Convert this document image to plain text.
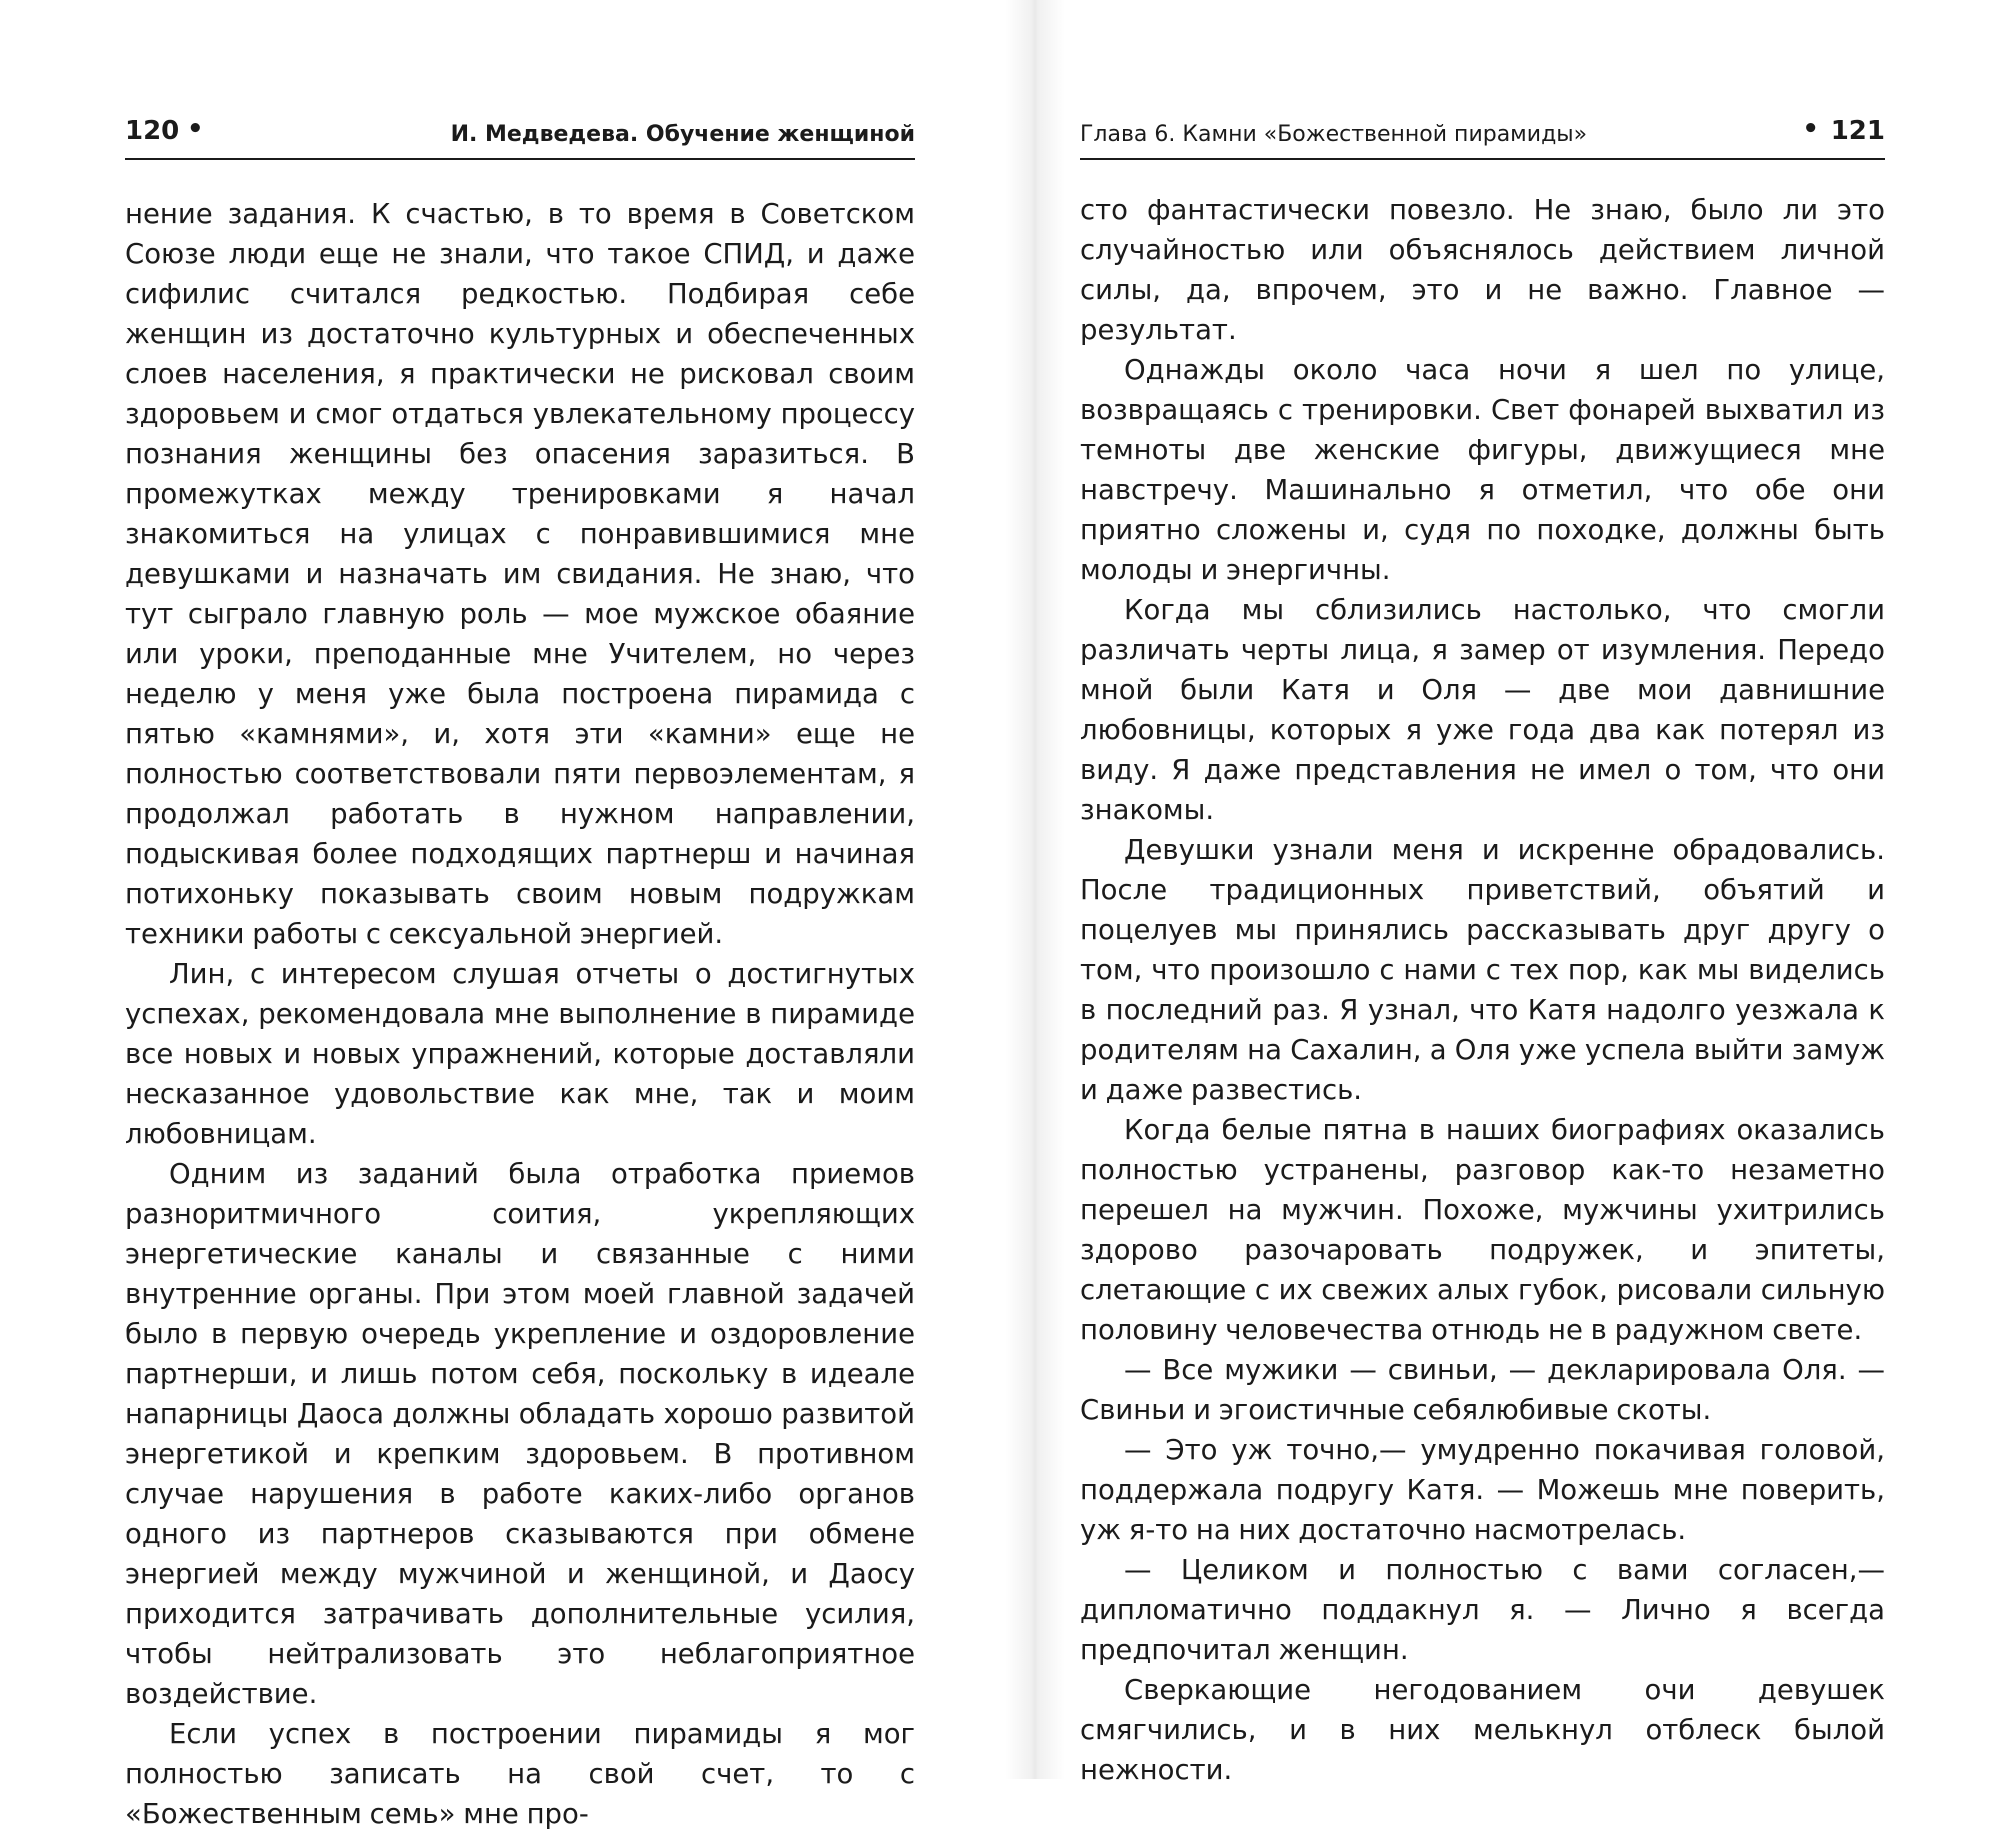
120 •	И. Медведева. Обучение женщиной

нение задания. К счастью, в то время в Советском Союзе люди еще не знали, что такое СПИД, и даже сифилис считался редкостью. Подбирая себе женщин из достаточно культурных и обеспеченных слоев населения, я практически не рисковал своим здоровьем и смог отдаться увлекательному процессу познания женщины без опасения заразиться. В промежутках между тренировками я начал знакомиться на улицах с понравившимися мне девушками и назначать им свидания. Не знаю, что тут сыграло главную роль — мое мужское обаяние или уроки, преподанные мне Учителем, но через неделю у меня уже была построена пирамида с пятью «камнями», и, хотя эти «камни» еще не полностью соответствовали пяти первоэлементам, я продолжал работать в нужном направлении, подыскивая более подходящих партнерш и начиная потихоньку показывать своим новым подружкам техники работы с сексуальной энергией.

Лин, с интересом слушая отчеты о достигнутых успехах, рекомендовала мне выполнение в пирамиде все новых и новых упражнений, которые доставляли несказанное удовольствие как мне, так и моим любовницам.

Одним из заданий была отработка приемов разноритмичного соития, укрепляющих энергетические каналы и связанные с ними внутренние органы. При этом моей главной задачей было в первую очередь укрепление и оздоровление партнерши, и лишь потом себя, поскольку в идеале напарницы Даоса должны обладать хорошо развитой энергетикой и крепким здоровьем. В противном случае нарушения в работе каких-либо органов одного из партнеров сказываются при обмене энергией между мужчиной и женщиной, и Даосу приходится затрачивать дополнительные усилия, чтобы нейтрализовать это неблагоприятное воздействие.

Если успех в построении пирамиды я мог полностью записать на свой счет, то с «Божественным семь» мне про-

Глава 6. Камни «Божественной пирамиды»	• 121

сто фантастически повезло. Не знаю, было ли это случайностью или объяснялось действием личной силы, да, впрочем, это и не важно. Главное — результат.

Однажды около часа ночи я шел по улице, возвращаясь с тренировки. Свет фонарей выхватил из темноты две женские фигуры, движущиеся мне навстречу. Машинально я отметил, что обе они приятно сложены и, судя по походке, должны быть молоды и энергичны.

Когда мы сблизились настолько, что смогли различать черты лица, я замер от изумления. Передо мной были Катя и Оля — две мои давнишние любовницы, которых я уже года два как потерял из виду. Я даже представления не имел о том, что они знакомы.

Девушки узнали меня и искренне обрадовались. После традиционных приветствий, объятий и поцелуев мы принялись рассказывать друг другу о том, что произошло с нами с тех пор, как мы виделись в последний раз. Я узнал, что Катя надолго уезжала к родителям на Сахалин, а Оля уже успела выйти замуж и даже развестись.

Когда белые пятна в наших биографиях оказались полностью устранены, разговор как-то незаметно перешел на мужчин. Похоже, мужчины ухитрились здорово разочаровать подружек, и эпитеты, слетающие с их свежих алых губок, рисовали сильную половину человечества отнюдь не в радужном свете.

— Все мужики — свиньи, — декларировала Оля. — Свиньи и эгоистичные себялюбивые скоты.

— Это уж точно,— умудренно покачивая головой, поддержала подругу Катя. — Можешь мне поверить, уж я-то на них достаточно насмотрелась.

— Целиком и полностью с вами согласен,— дипломатично поддакнул я. — Лично я всегда предпочитал женщин.

Сверкающие негодованием очи девушек смягчились, и в них мелькнул отблеск былой нежности.
